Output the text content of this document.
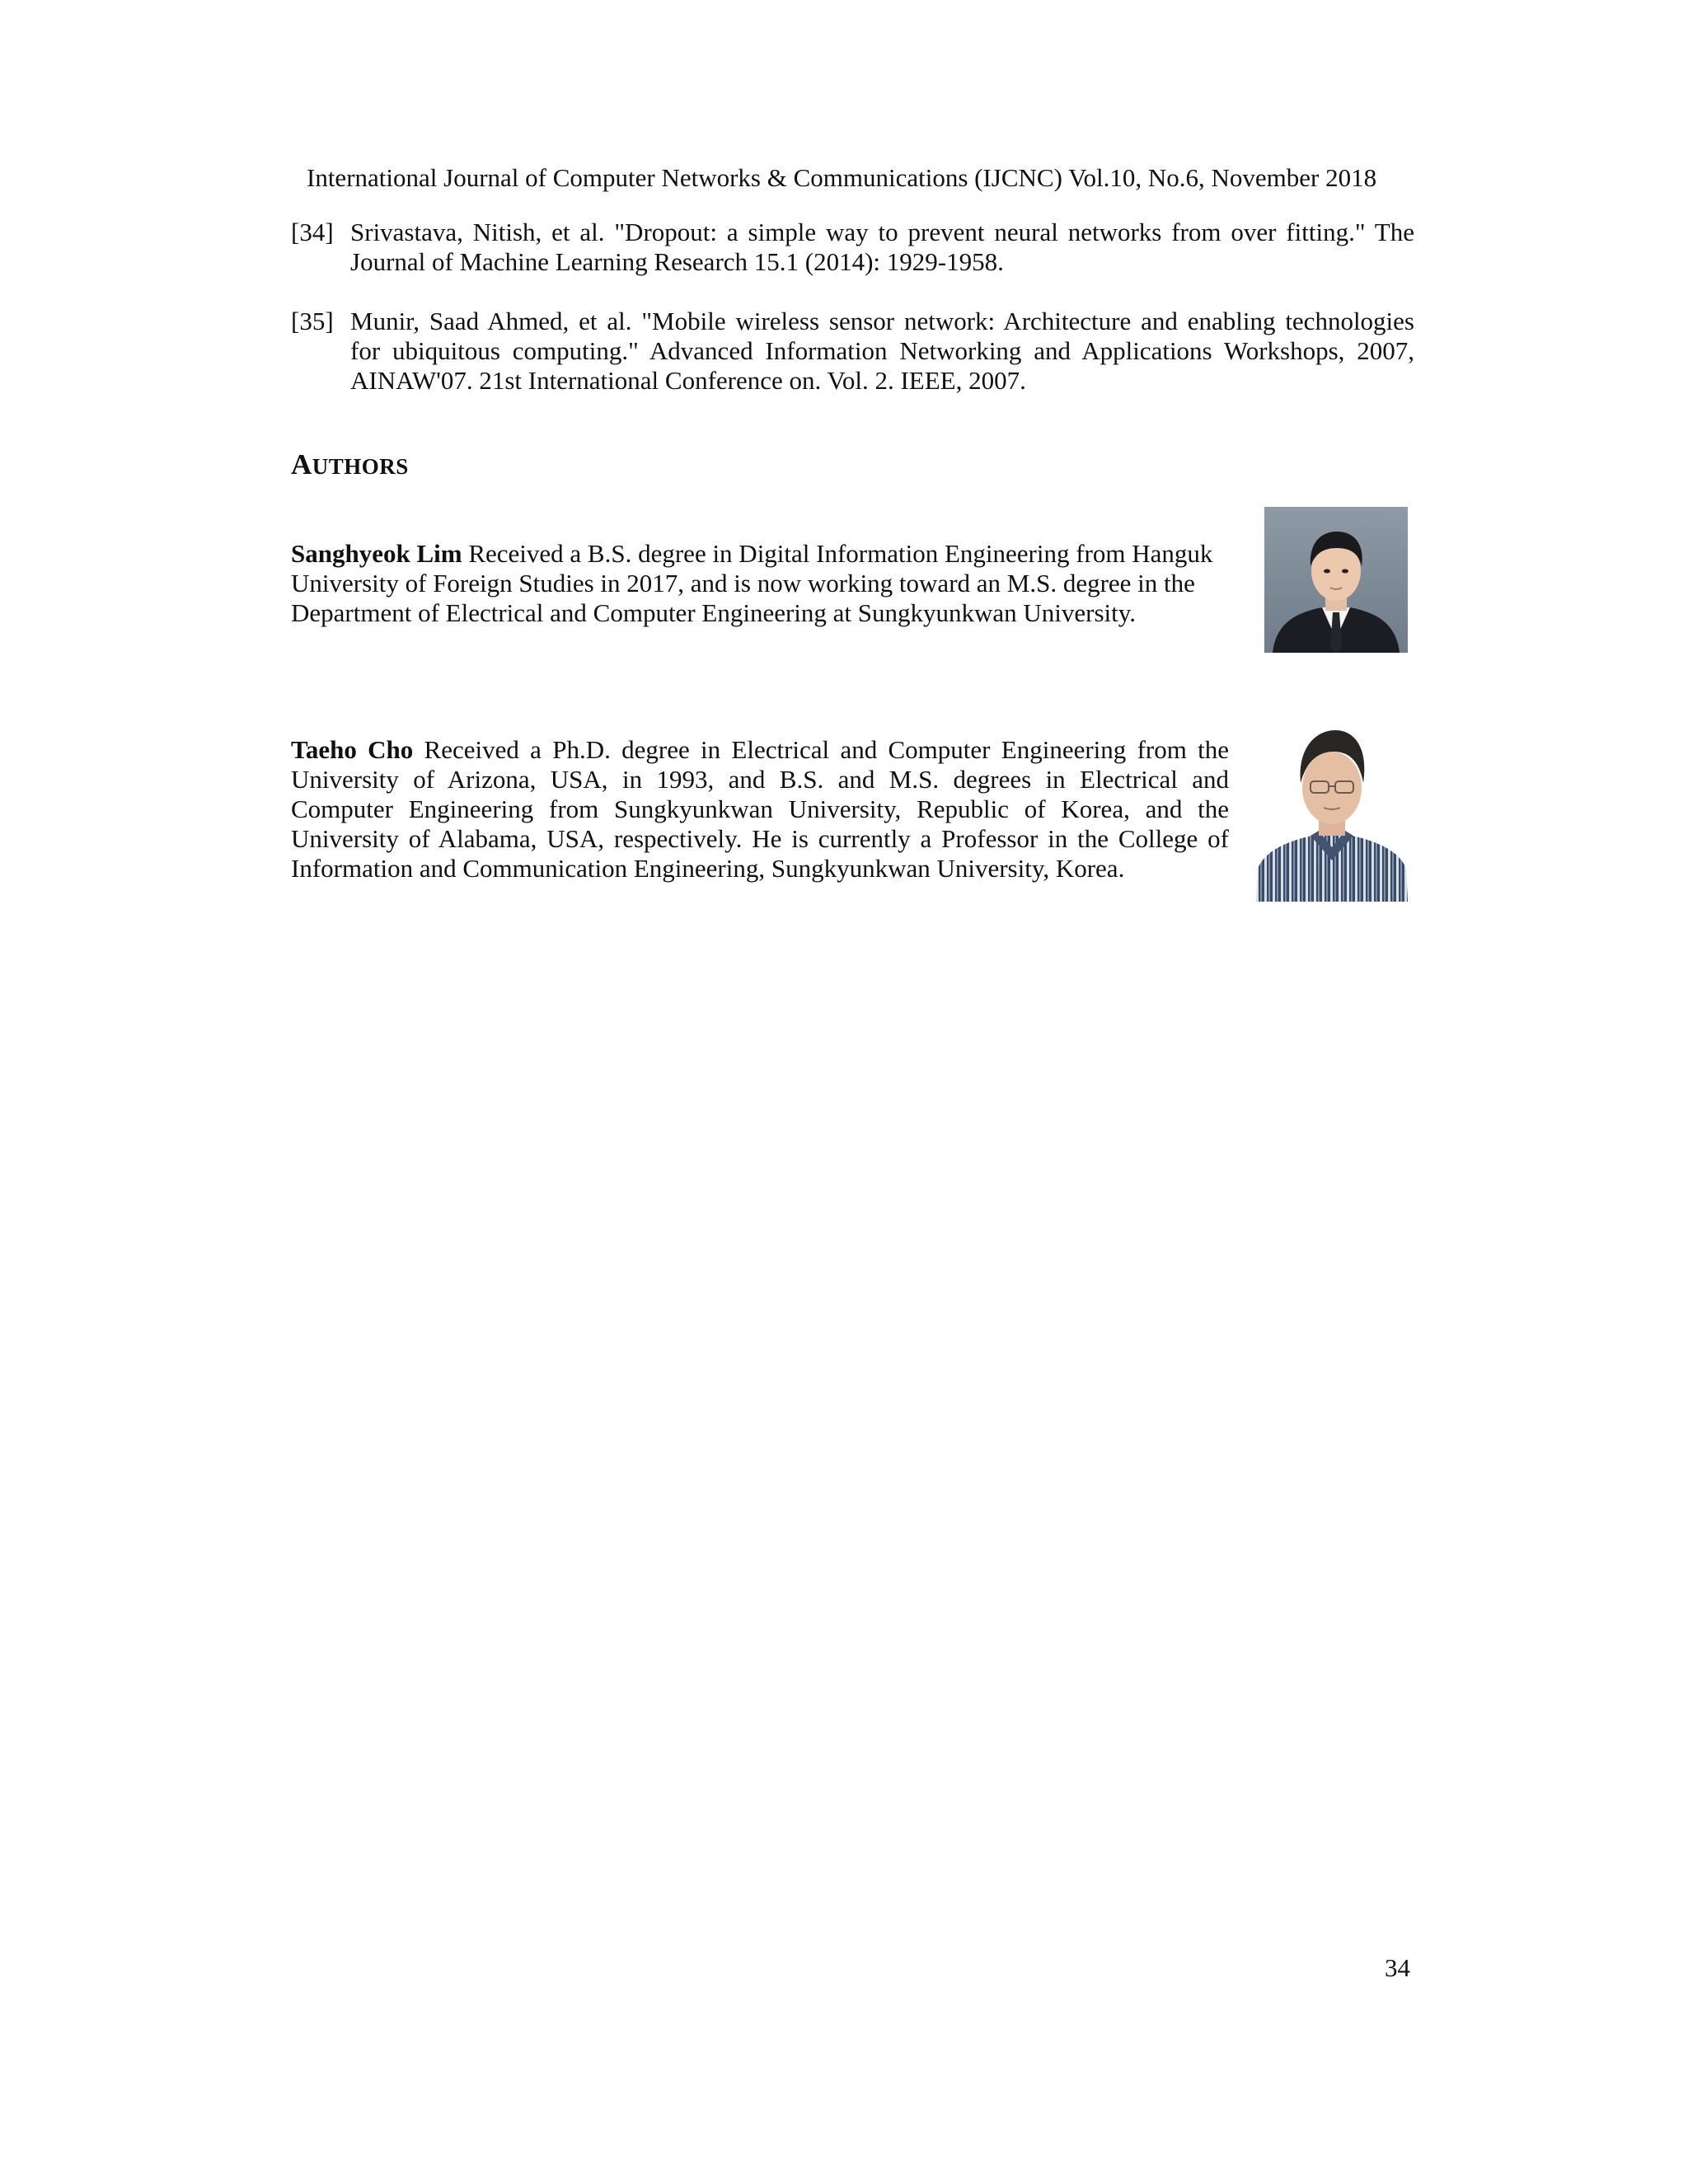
International Journal of Computer Networks & Communications (IJCNC) Vol.10, No.6, November 2018
[34] Srivastava, Nitish, et al. "Dropout: a simple way to prevent neural networks from over fitting." The
Journal of Machine Learning Research 15.1 (2014): 1929-1958.
[35] Munir, Saad Ahmed, et al. "Mobile wireless sensor network: Architecture and enabling technologies
for ubiquitous computing." Advanced Information Networking and Applications Workshops, 2007,
AINAW'07. 21st International Conference on. Vol. 2. IEEE, 2007.
AUTHORS
Sanghyeok Lim Received a B.S. degree in Digital Information Engineering from Hanguk
University of Foreign Studies in 2017, and is now working toward an M.S. degree in the
Department of Electrical and Computer Engineering at Sungkyunkwan University.
Taeho Cho Received a Ph.D. degree in Electrical and Computer Engineering from the
University of Arizona, USA, in 1993, and B.S. and M.S. degrees in Electrical and
Computer Engineering from Sungkyunkwan University, Republic of Korea, and the
University of Alabama, USA, respectively. He is currently a Professor in the College of
Information and Communication Engineering, Sungkyunkwan University, Korea.
34
